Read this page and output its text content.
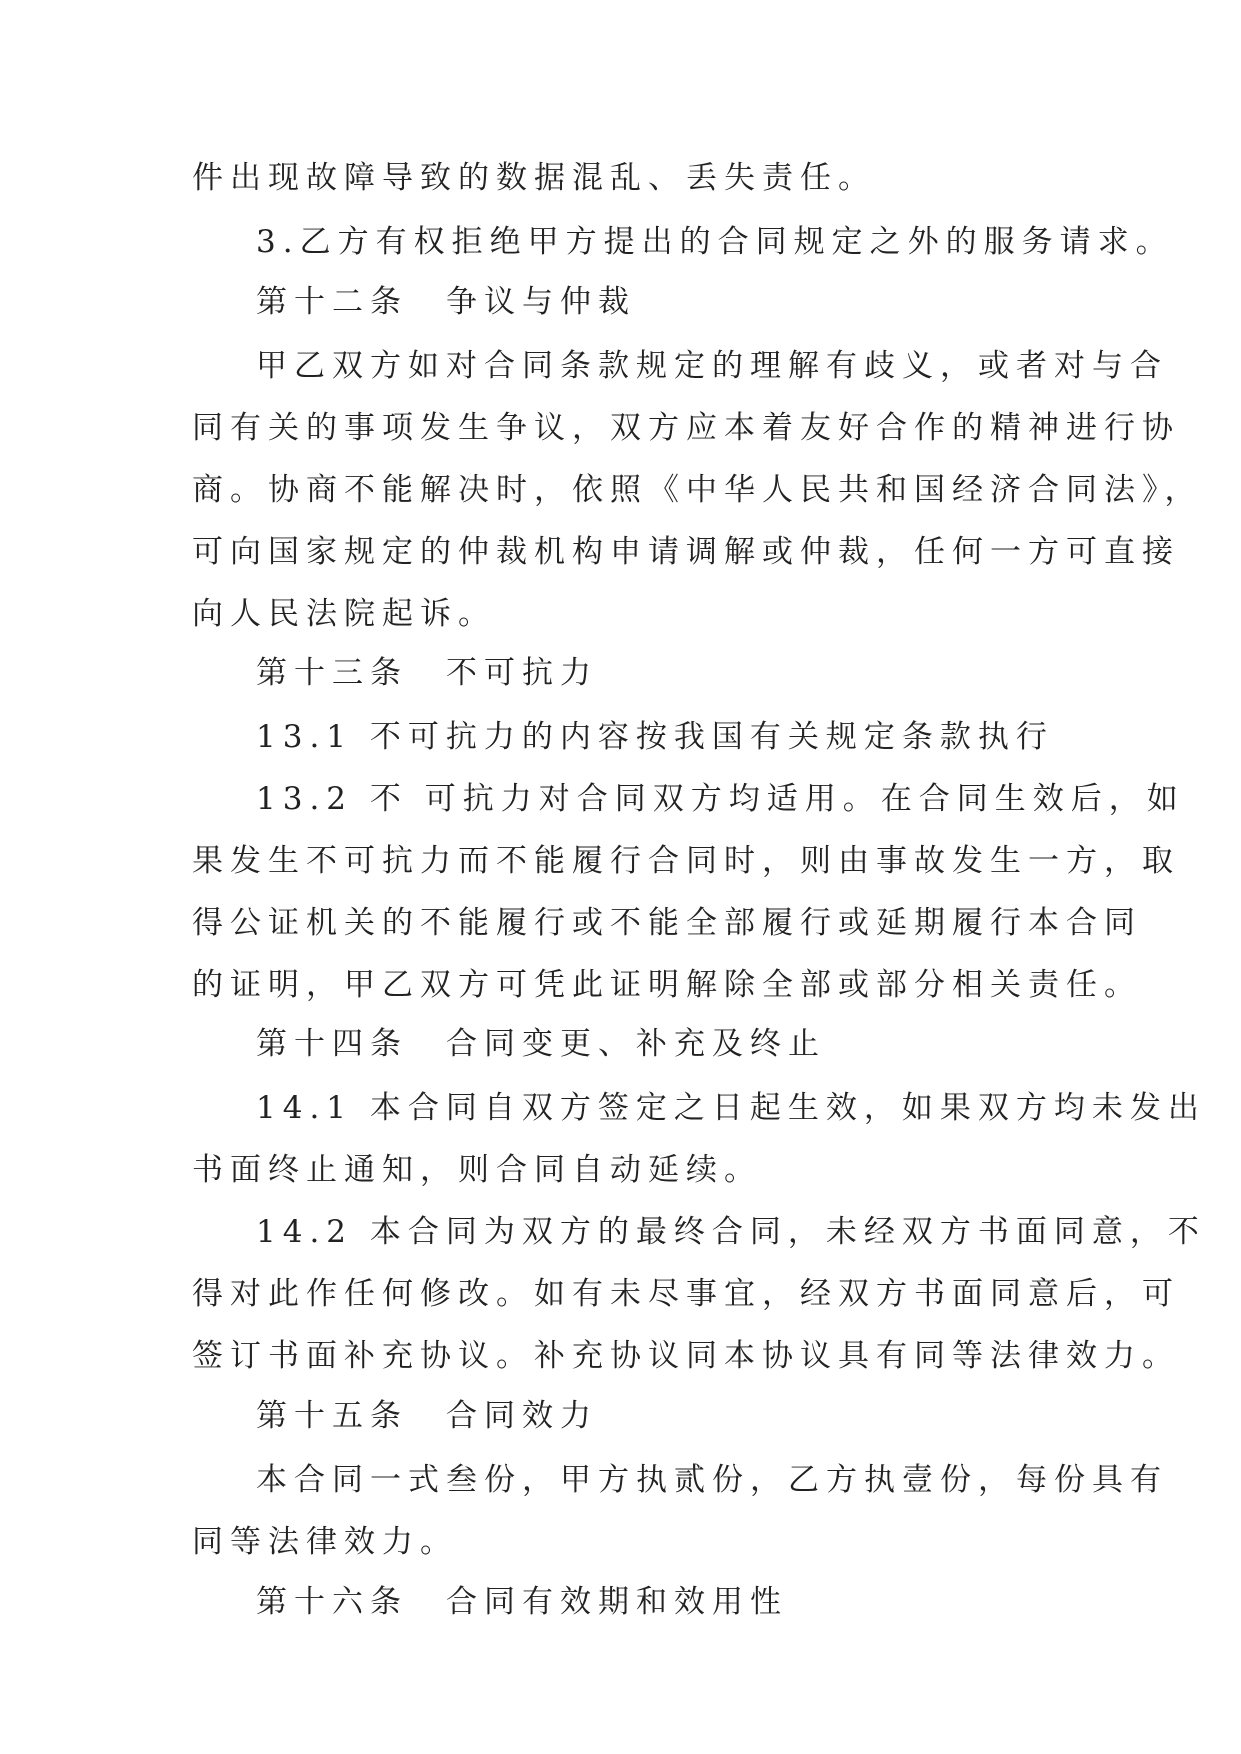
件出现故障导致的数据混乱、丢失责任。
3.乙方有权拒绝甲方提出的合同规定之外的服务请求。
第十二条　争议与仲裁
甲乙双方如对合同条款规定的理解有歧义，或者对与合
同有关的事项发生争议，双方应本着友好合作的精神进行协
商。协商不能解决时，依照《中华人民共和国经济合同法》，
可向国家规定的仲裁机构申请调解或仲裁，任何一方可直接
向人民法院起诉。
第十三条　不可抗力
13.1 不可抗力的内容按我国有关规定条款执行
13.2 不 可抗力对合同双方均适用。在合同生效后，如
果发生不可抗力而不能履行合同时，则由事故发生一方，取
得公证机关的不能履行或不能全部履行或延期履行本合同
的证明，甲乙双方可凭此证明解除全部或部分相关责任。
第十四条　合同变更、补充及终止
14.1 本合同自双方签定之日起生效，如果双方均未发出
书面终止通知，则合同自动延续。
14.2 本合同为双方的最终合同，未经双方书面同意，不
得对此作任何修改。如有未尽事宜，经双方书面同意后，可
签订书面补充协议。补充协议同本协议具有同等法律效力。
第十五条　合同效力
本合同一式叁份，甲方执贰份，乙方执壹份，每份具有
同等法律效力。
第十六条　合同有效期和效用性
